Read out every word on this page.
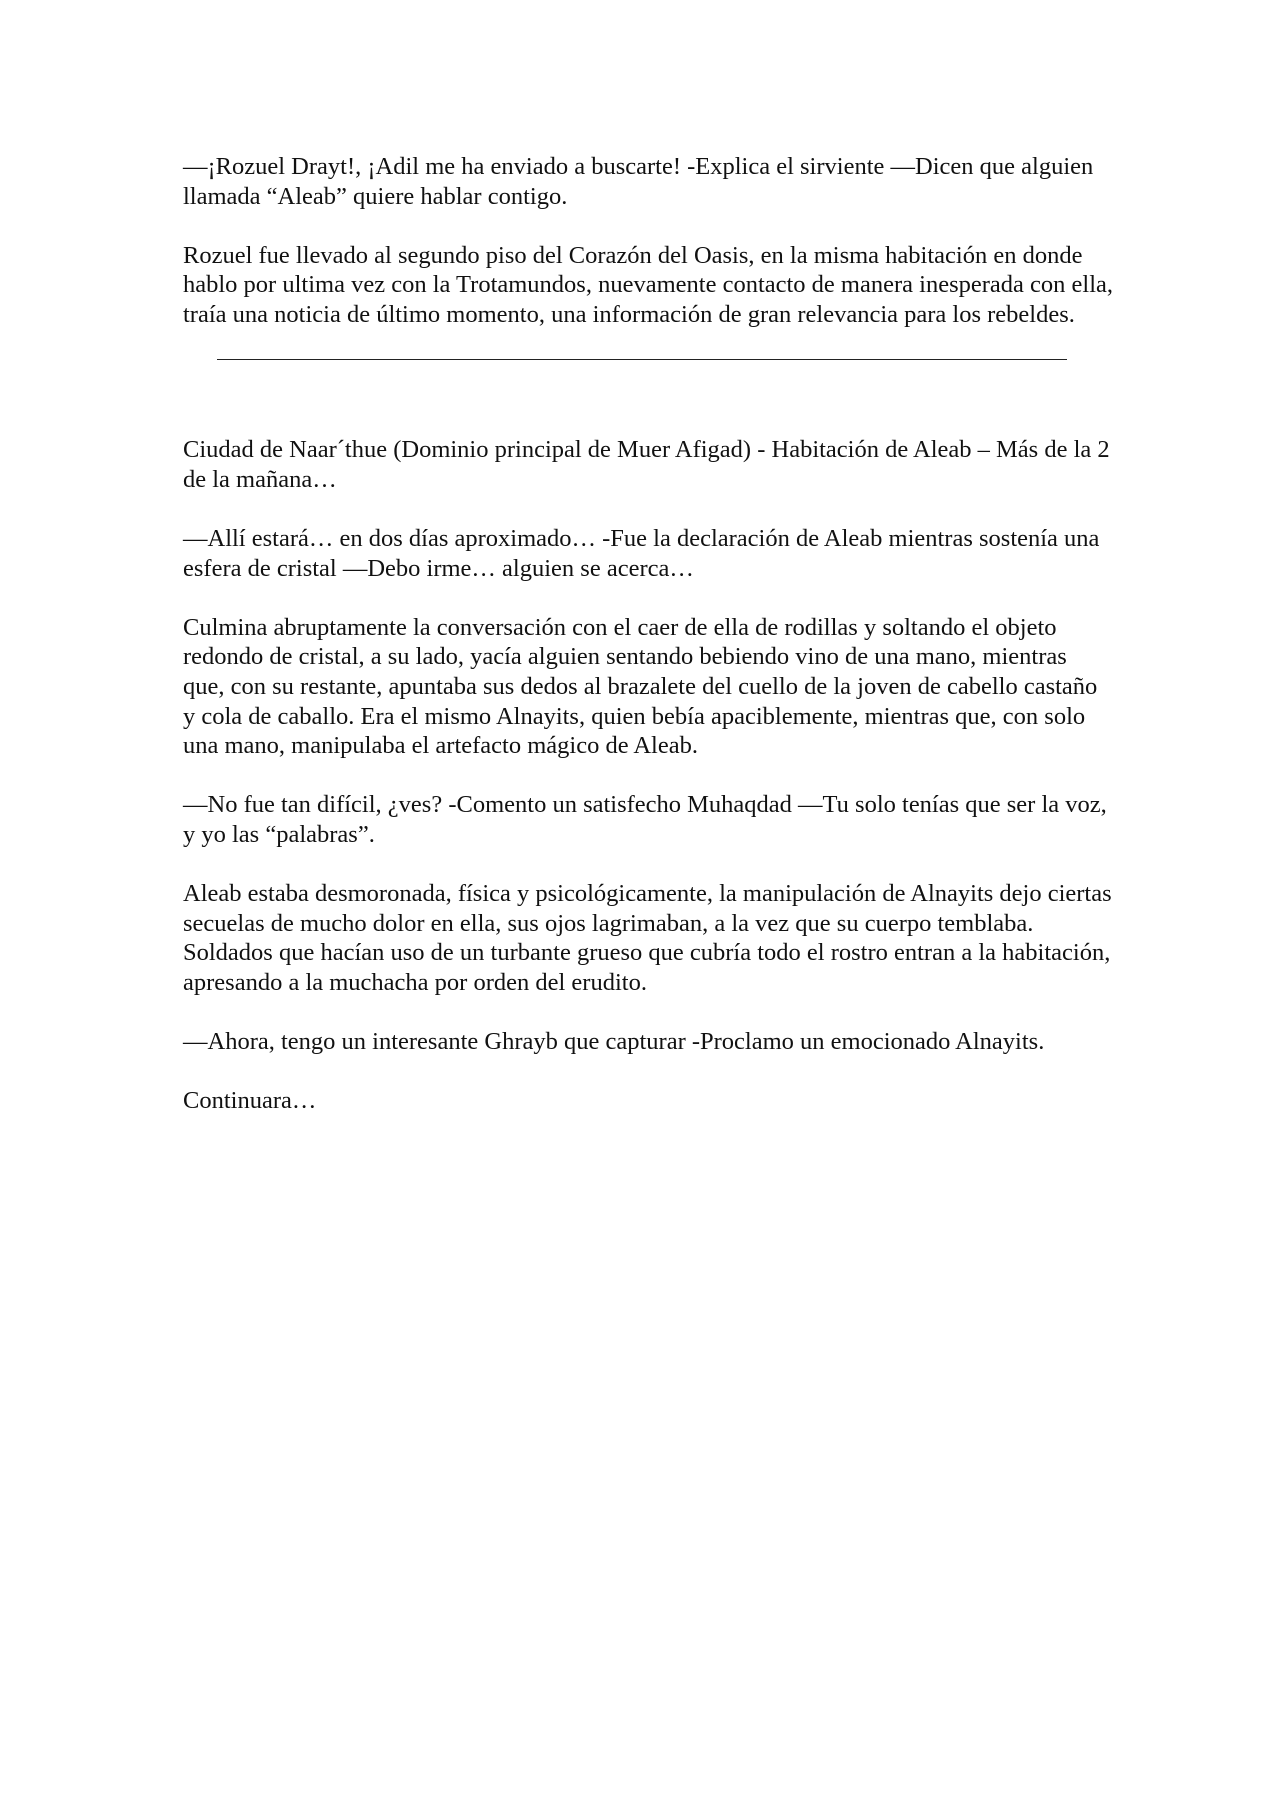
—¡Rozuel Drayt!, ¡Adil me ha enviado a buscarte! -Explica el sirviente —Dicen que alguien llamada “Aleab” quiere hablar contigo.

Rozuel fue llevado al segundo piso del Corazón del Oasis, en la misma habitación en donde hablo por ultima vez con la Trotamundos, nuevamente contacto de manera inesperada con ella, traía una noticia de último momento, una información de gran relevancia para los rebeldes.

Ciudad de Naar´thue (Dominio principal de Muer Afigad) - Habitación de Aleab – Más de la 2 de la mañana…

—Allí estará… en dos días aproximado… -Fue la declaración de Aleab mientras sostenía una esfera de cristal —Debo irme… alguien se acerca…

Culmina abruptamente la conversación con el caer de ella de rodillas y soltando el objeto redondo de cristal, a su lado, yacía alguien sentando bebiendo vino de una mano, mientras que, con su restante, apuntaba sus dedos al brazalete del cuello de la joven de cabello castaño y cola de caballo. Era el mismo Alnayits, quien bebía apaciblemente, mientras que, con solo una mano, manipulaba el artefacto mágico de Aleab.

—No fue tan difícil, ¿ves? -Comento un satisfecho Muhaqdad —Tu solo tenías que ser la voz, y yo las “palabras”.

Aleab estaba desmoronada, física y psicológicamente, la manipulación de Alnayits dejo ciertas secuelas de mucho dolor en ella, sus ojos lagrimaban, a la vez que su cuerpo temblaba. Soldados que hacían uso de un turbante grueso que cubría todo el rostro entran a la habitación, apresando a la muchacha por orden del erudito.

—Ahora, tengo un interesante Ghrayb que capturar -Proclamo un emocionado Alnayits.

Continuara…
